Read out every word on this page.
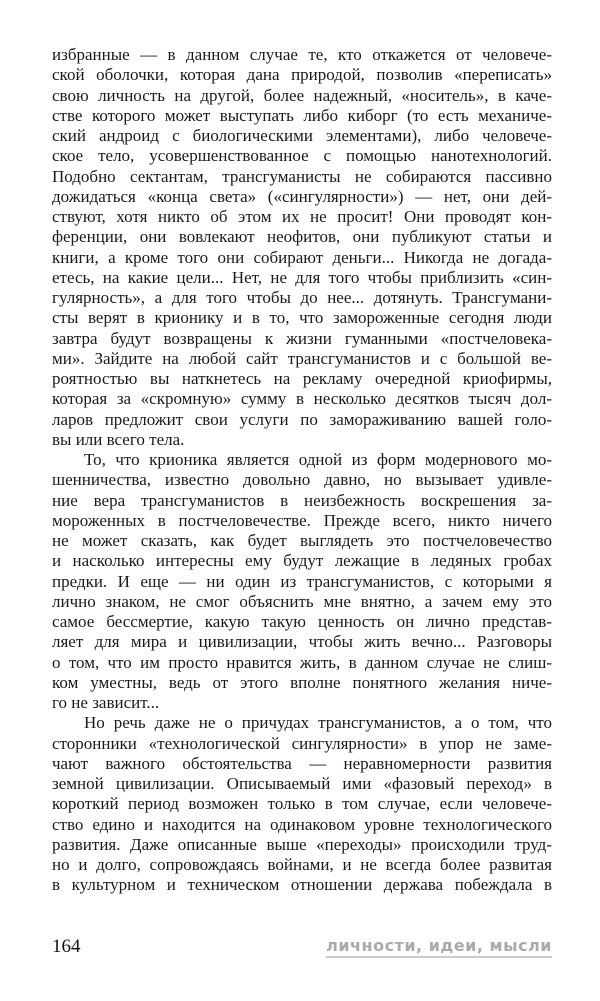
избранные — в данном случае те, кто откажется от человече-
ской оболочки, которая дана природой, позволив «переписать»
свою личность на другой, более надежный, «носитель», в каче-
стве которого может выступать либо киборг (то есть механиче-
ский андроид с биологическими элементами), либо человече-
ское тело, усовершенствованное с помощью нанотехнологий.
Подобно сектантам, трансгуманисты не собираются пассивно
дожидаться «конца света» («сингулярности») — нет, они дей-
ствуют, хотя никто об этом их не просит! Они проводят кон-
ференции, они вовлекают неофитов, они публикуют статьи и
книги, а кроме того они собирают деньги... Никогда не догада-
етесь, на какие цели... Нет, не для того чтобы приблизить «син-
гулярность», а для того чтобы до нее... дотянуть. Трансгумани-
сты верят в крионику и в то, что замороженные сегодня люди
завтра будут возвращены к жизни гуманными «постчеловека-
ми». Зайдите на любой сайт трансгуманистов и с большой ве-
роятностью вы наткнетесь на рекламу очередной криофирмы,
которая за «скромную» сумму в несколько десятков тысяч дол-
ларов предложит свои услуги по замораживанию вашей голо-
вы или всего тела.
То, что крионика является одной из форм модернового мо-
шенничества, известно довольно давно, но вызывает удивле-
ние вера трансгуманистов в неизбежность воскрешения за-
мороженных в постчеловечестве. Прежде всего, никто ничего
не может сказать, как будет выглядеть это постчеловечество
и насколько интересны ему будут лежащие в ледяных гробах
предки. И еще — ни один из трансгуманистов, с которыми я
лично знаком, не смог объяснить мне внятно, а зачем ему это
самое бессмертие, какую такую ценность он лично представ-
ляет для мира и цивилизации, чтобы жить вечно... Разговоры
о том, что им просто нравится жить, в данном случае не слиш-
ком уместны, ведь от этого вполне понятного желания ниче-
го не зависит...
Но речь даже не о причудах трансгуманистов, а о том, что
сторонники «технологической сингулярности» в упор не заме-
чают важного обстоятельства — неравномерности развития
земной цивилизации. Описываемый ими «фазовый переход» в
короткий период возможен только в том случае, если человече-
ство едино и находится на одинаковом уровне технологического
развития. Даже описанные выше «переходы» происходили труд-
но и долго, сопровождаясь войнами, и не всегда более развитая
в культурном и техническом отношении держава побеждала в
164	личности, идеи, мысли
